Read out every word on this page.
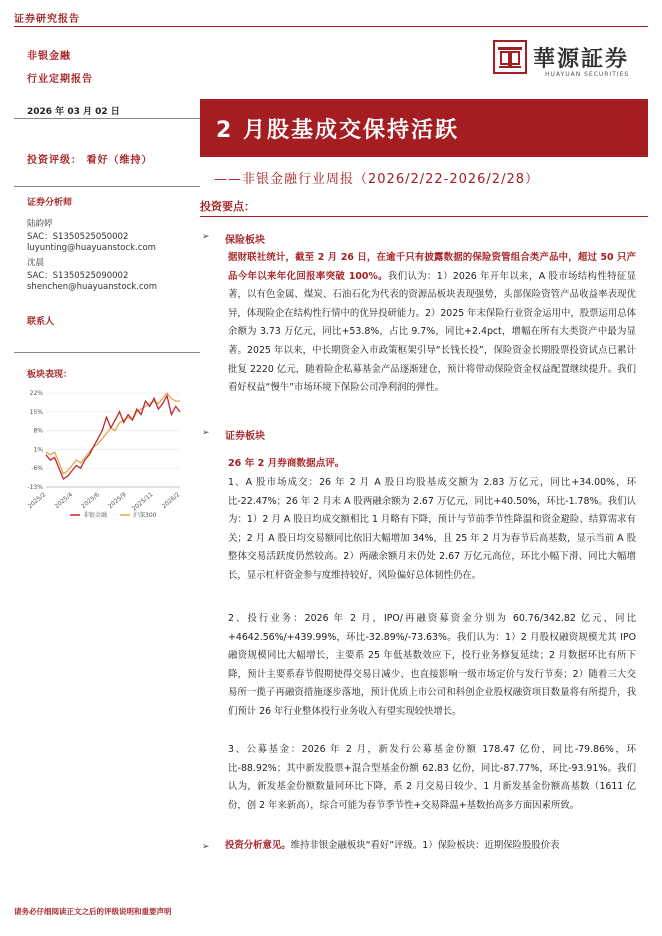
证券研究报告
非银金融
行业定期报告
華源証券
HUAYUAN SECURITIES
2026 年 03 月 02 日
2 月股基成交保持活跃
投资评级： 看好（维持）
——非银金融行业周报（2026/2/22-2026/2/28）
证券分析师
陆韵婷
SAC：S1350525050002
luyunting@huayuanstock.com
沈晨
SAC：S1350525090002
shenchen@huayuanstock.com
联系人
板块表现：
22%
15%
8%
1%
-6%
-13%
2025/2 2025/4 2025/6 2025/9 2025/11 2026/2
非银金融	沪深300
投资要点：
➢ 保险板块
据财联社统计，截至 2 月 26 日，在逾千只有披露数据的保险资管组合类产品中，超过 50 只产品今年以来年化回报率突破 100%。我们认为：1）2026 年开年以来，A 股市场结构性特征显著，以有色金属、煤炭、石油石化为代表的资源品板块表现强势，头部保险资管产品收益率表现优异，体现险企在结构性行情中的优异投研能力。2）2025 年末保险行业资金运用中，股票运用总体余额为 3.73 万亿元，同比+53.8%，占比 9.7%，同比+2.4pct，增幅在所有大类资产中最为显著。2025 年以来，中长期资金入市政策框架引导“长钱长投”，保险资金长期股票投资试点已累计批复 2220 亿元，随着险企私募基金产品逐渐建仓，预计将带动保险资金权益配置继续提升。我们看好权益“慢牛”市场环境下保险公司净利润的弹性。
➢ 证券板块
26 年 2 月券商数据点评。
1、A 股市场成交：26 年 2 月 A 股日均股基成交额为 2.83 万亿元，同比+34.00%，环比-22.47%；26 年 2 月末 A 股两融余额为 2.67 万亿元，同比+40.50%，环比-1.78%。我们认为：1）2 月 A 股日均成交额相比 1 月略有下降，预计与节前季节性降温和资金避险、结算需求有关；2 月 A 股日均交易额同比依旧大幅增加 34%，且 25 年 2 月为春节后高基数，显示当前 A 股整体交易活跃度仍然较高。2）两融余额月末仍处 2.67 万亿元高位，环比小幅下滑、同比大幅增长，显示杠杆资金参与度维持较好，风险偏好总体韧性仍在。
2、投行业务：2026 年 2 月，IPO/再融资募资金分别为 60.76/342.82 亿元，同比+4642.56%/+439.99%，环比-32.89%/-73.63%。我们认为：1）2 月股权融资规模尤其 IPO 融资规模同比大幅增长，主要系 25 年低基数效应下，投行业务修复延续；2 月数据环比有所下降，预计主要系春节假期使得交易日减少、也直接影响一级市场定价与发行节奏；2）随着三大交易所一揽子再融资措施逐步落地，预计优质上市公司和科创企业股权融资项目数量将有所提升，我们预计 26 年行业整体投行业务收入有望实现较快增长。
3、公募基金：2026 年 2 月，新发行公募基金份额 178.47 亿份，同比-79.86%，环比-88.92%；其中新发股票+混合型基金份额 62.83 亿份，同比-87.77%，环比-93.91%。我们认为，新发基金份额数量同环比下降，系 2 月交易日较少、1 月新发基金份额高基数（1611 亿份，创 2 年来新高），综合可能为春节季节性+交易降温+基数抬高多方面因素所致。
➢ 投资分析意见。维持非银金融板块“看好”评级。1）保险板块：近期保险股股价表
请务必仔细阅读正文之后的评级说明和重要声明
